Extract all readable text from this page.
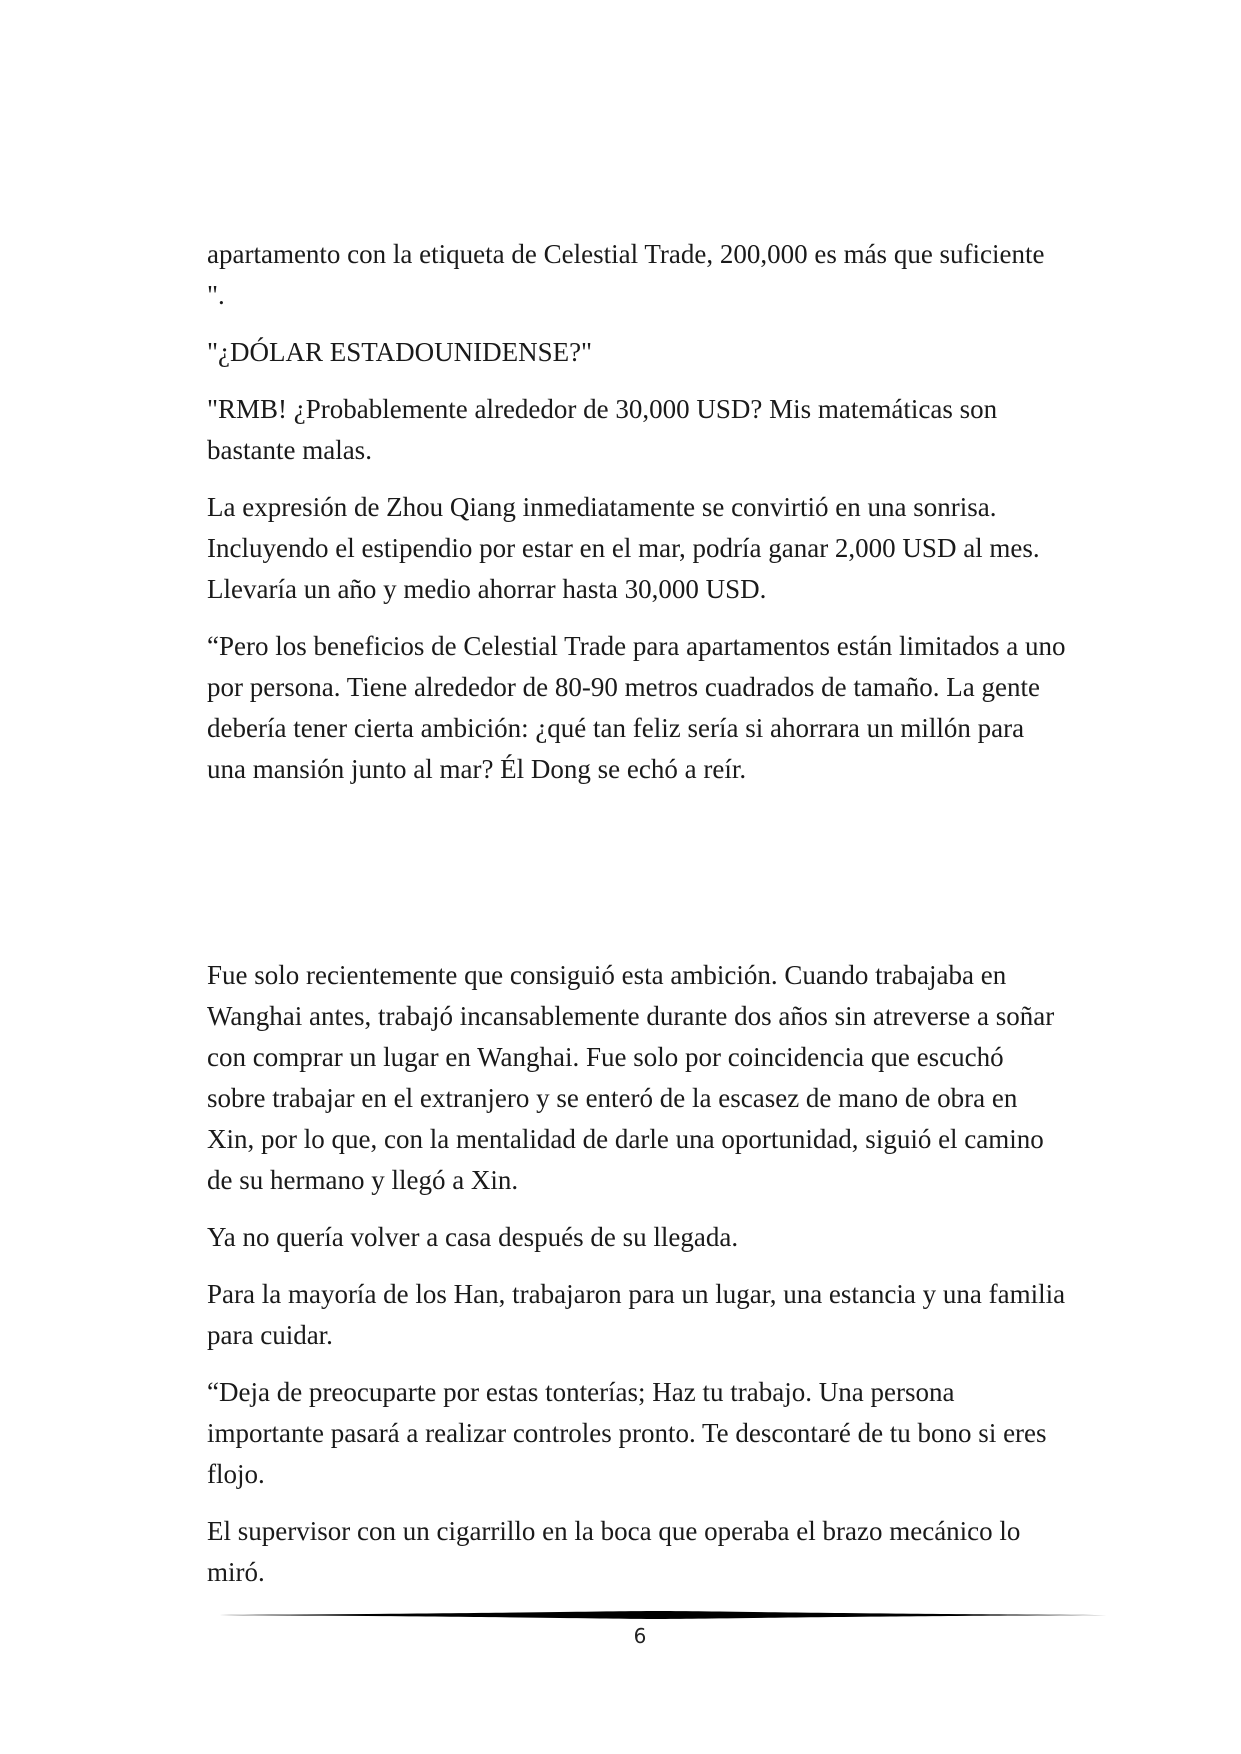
apartamento con la etiqueta de Celestial Trade, 200,000 es más que suficiente ".

"¿DÓLAR ESTADOUNIDENSE?"

"RMB! ¿Probablemente alrededor de 30,000 USD? Mis matemáticas son bastante malas.

La expresión de Zhou Qiang inmediatamente se convirtió en una sonrisa. Incluyendo el estipendio por estar en el mar, podría ganar 2,000 USD al mes. Llevaría un año y medio ahorrar hasta 30,000 USD.

“Pero los beneficios de Celestial Trade para apartamentos están limitados a uno por persona. Tiene alrededor de 80-90 metros cuadrados de tamaño. La gente debería tener cierta ambición: ¿qué tan feliz sería si ahorrara un millón para una mansión junto al mar? Él Dong se echó a reír.

Fue solo recientemente que consiguió esta ambición. Cuando trabajaba en Wanghai antes, trabajó incansablemente durante dos años sin atreverse a soñar con comprar un lugar en Wanghai. Fue solo por coincidencia que escuchó sobre trabajar en el extranjero y se enteró de la escasez de mano de obra en Xin, por lo que, con la mentalidad de darle una oportunidad, siguió el camino de su hermano y llegó a Xin.

Ya no quería volver a casa después de su llegada.

Para la mayoría de los Han, trabajaron para un lugar, una estancia y una familia para cuidar.

“Deja de preocuparte por estas tonterías; Haz tu trabajo. Una persona importante pasará a realizar controles pronto. Te descontaré de tu bono si eres flojo.

El supervisor con un cigarrillo en la boca que operaba el brazo mecánico lo miró.

6
